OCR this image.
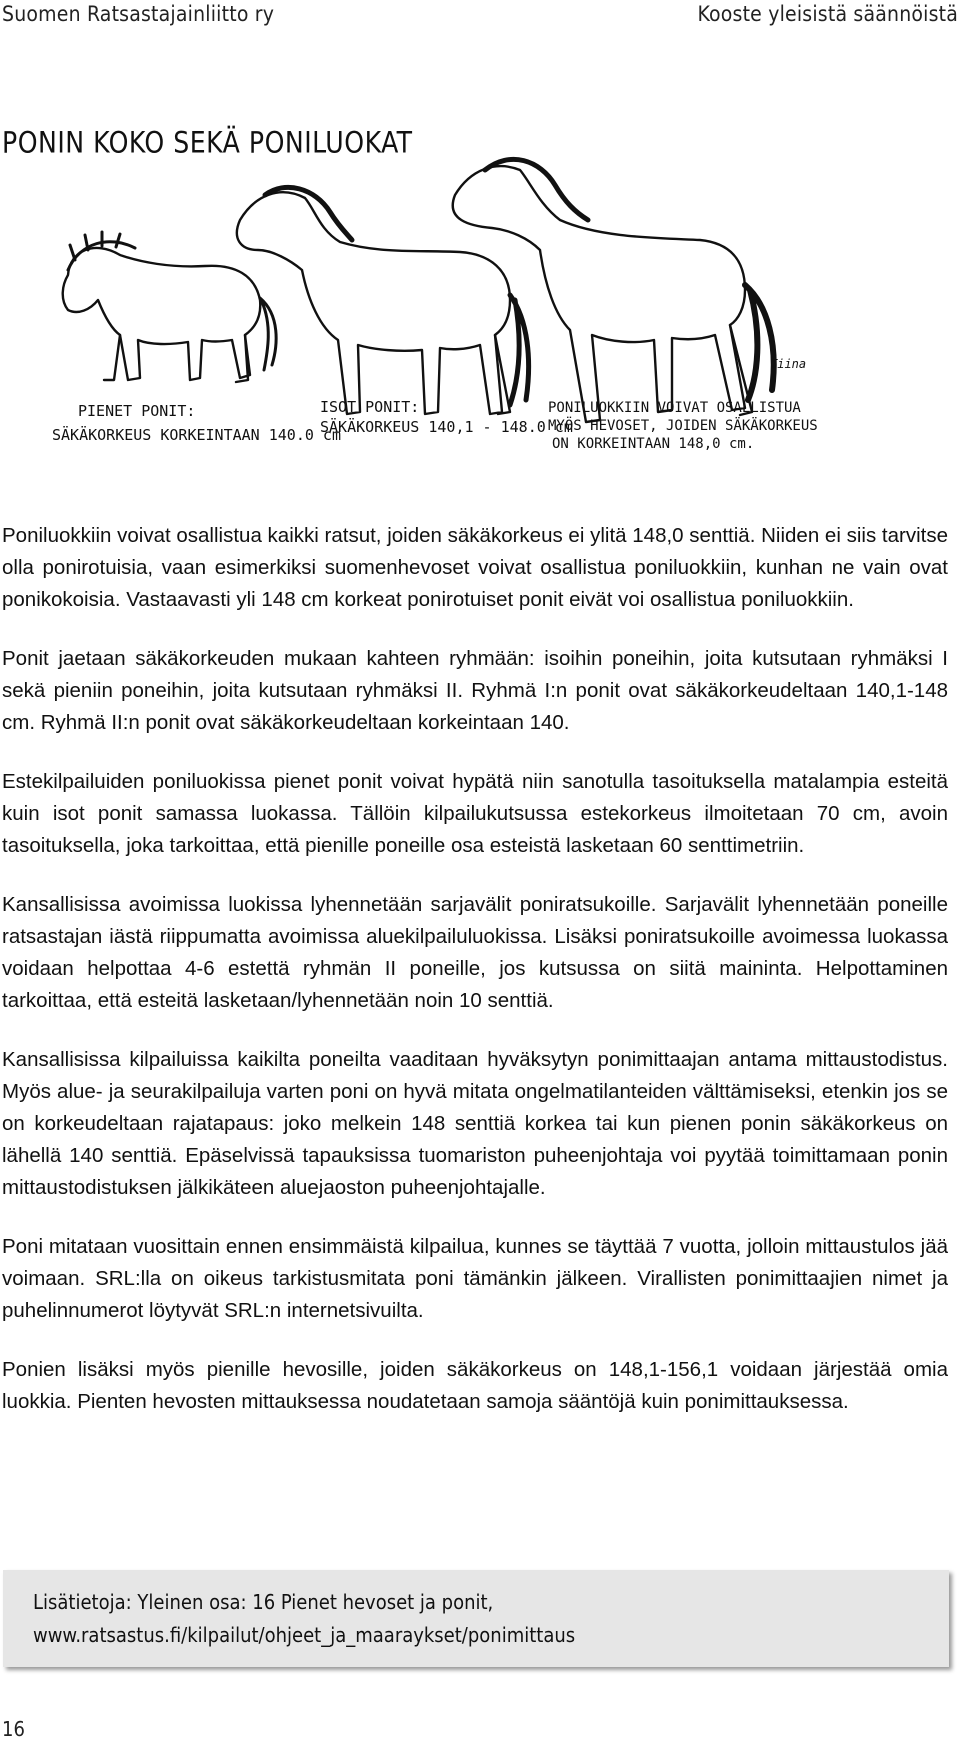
Suomen Ratsastajainliitto ry	Kooste yleisistä säännöistä
PONIN KOKO SEKÄ PONILUOKAT
PIENET PONIT:
SÄKÄKORKEUS KORKEINTAAN 140.0 cm
ISOT PONIT:
SÄKÄKORKEUS 140,1 - 148.0 cm
PONILUOKKIIN VOIVAT OSALLISTUA
MYÖS HEVOSET, JOIDEN SÄKÄKORKEUS
ON KORKEINTAAN 148,0 cm.
Tiina

Poniluokkiin voivat osallistua kaikki ratsut, joiden säkäkorkeus ei ylitä 148,0 senttiä. Niiden ei siis tarvitse olla ponirotuisia, vaan esimerkiksi suomenhevoset voivat osallistua poniluokkiin, kunhan ne vain ovat ponikokoisia. Vastaavasti yli 148 cm korkeat ponirotuiset ponit eivät voi osallistua poniluokkiin.

Ponit jaetaan säkäkorkeuden mukaan kahteen ryhmään: isoihin poneihin, joita kutsutaan ryhmäksi I sekä pieniin poneihin, joita kutsutaan ryhmäksi II. Ryhmä I:n ponit ovat säkäkorkeudeltaan 140,1-148 cm. Ryhmä II:n ponit ovat säkäkorkeudeltaan korkeintaan 140.

Estekilpailuiden poniluokissa pienet ponit voivat hypätä niin sanotulla tasoituksella matalampia esteitä kuin isot ponit samassa luokassa. Tällöin kilpailukutsussa estekorkeus ilmoitetaan 70 cm, avoin tasoituksella, joka tarkoittaa, että pienille poneille osa esteistä lasketaan 60 senttimetriin.

Kansallisissa avoimissa luokissa lyhennetään sarjavälit poniratsukoille. Sarjavälit lyhennetään poneille ratsastajan iästä riippumatta avoimissa aluekilpailuluokissa. Lisäksi poniratsukoille avoimessa luokassa voidaan helpottaa 4-6 estettä ryhmän II poneille, jos kutsussa on siitä maininta. Helpottaminen tarkoittaa, että esteitä lasketaan/lyhennetään noin 10 senttiä.

Kansallisissa kilpailuissa kaikilta poneilta vaaditaan hyväksytyn ponimittaajan antama mittaustodistus. Myös alue- ja seurakilpailuja varten poni on hyvä mitata ongelmatilanteiden välttämiseksi, etenkin jos se on korkeudeltaan rajatapaus: joko melkein 148 senttiä korkea tai kun pienen ponin säkäkorkeus on lähellä 140 senttiä. Epäselvissä tapauksissa tuomariston puheenjohtaja voi pyytää toimittamaan ponin mittaustodistuksen jälkikäteen aluejaoston puheenjohtajalle.

Poni mitataan vuosittain ennen ensimmäistä kilpailua, kunnes se täyttää 7 vuotta, jolloin mittaustulos jää voimaan. SRL:lla on oikeus tarkistusmitata poni tämänkin jälkeen. Virallisten ponimittaajien nimet ja puhelinnumerot löytyvät SRL:n internetsivuilta.

Ponien lisäksi myös pienille hevosille, joiden säkäkorkeus on 148,1-156,1 voidaan järjestää omia luokkia. Pienten hevosten mittauksessa noudatetaan samoja sääntöjä kuin ponimittauksessa.

Lisätietoja: Yleinen osa: 16 Pienet hevoset ja ponit,
www.ratsastus.fi/kilpailut/ohjeet_ja_maaraykset/ponimittaus
16
